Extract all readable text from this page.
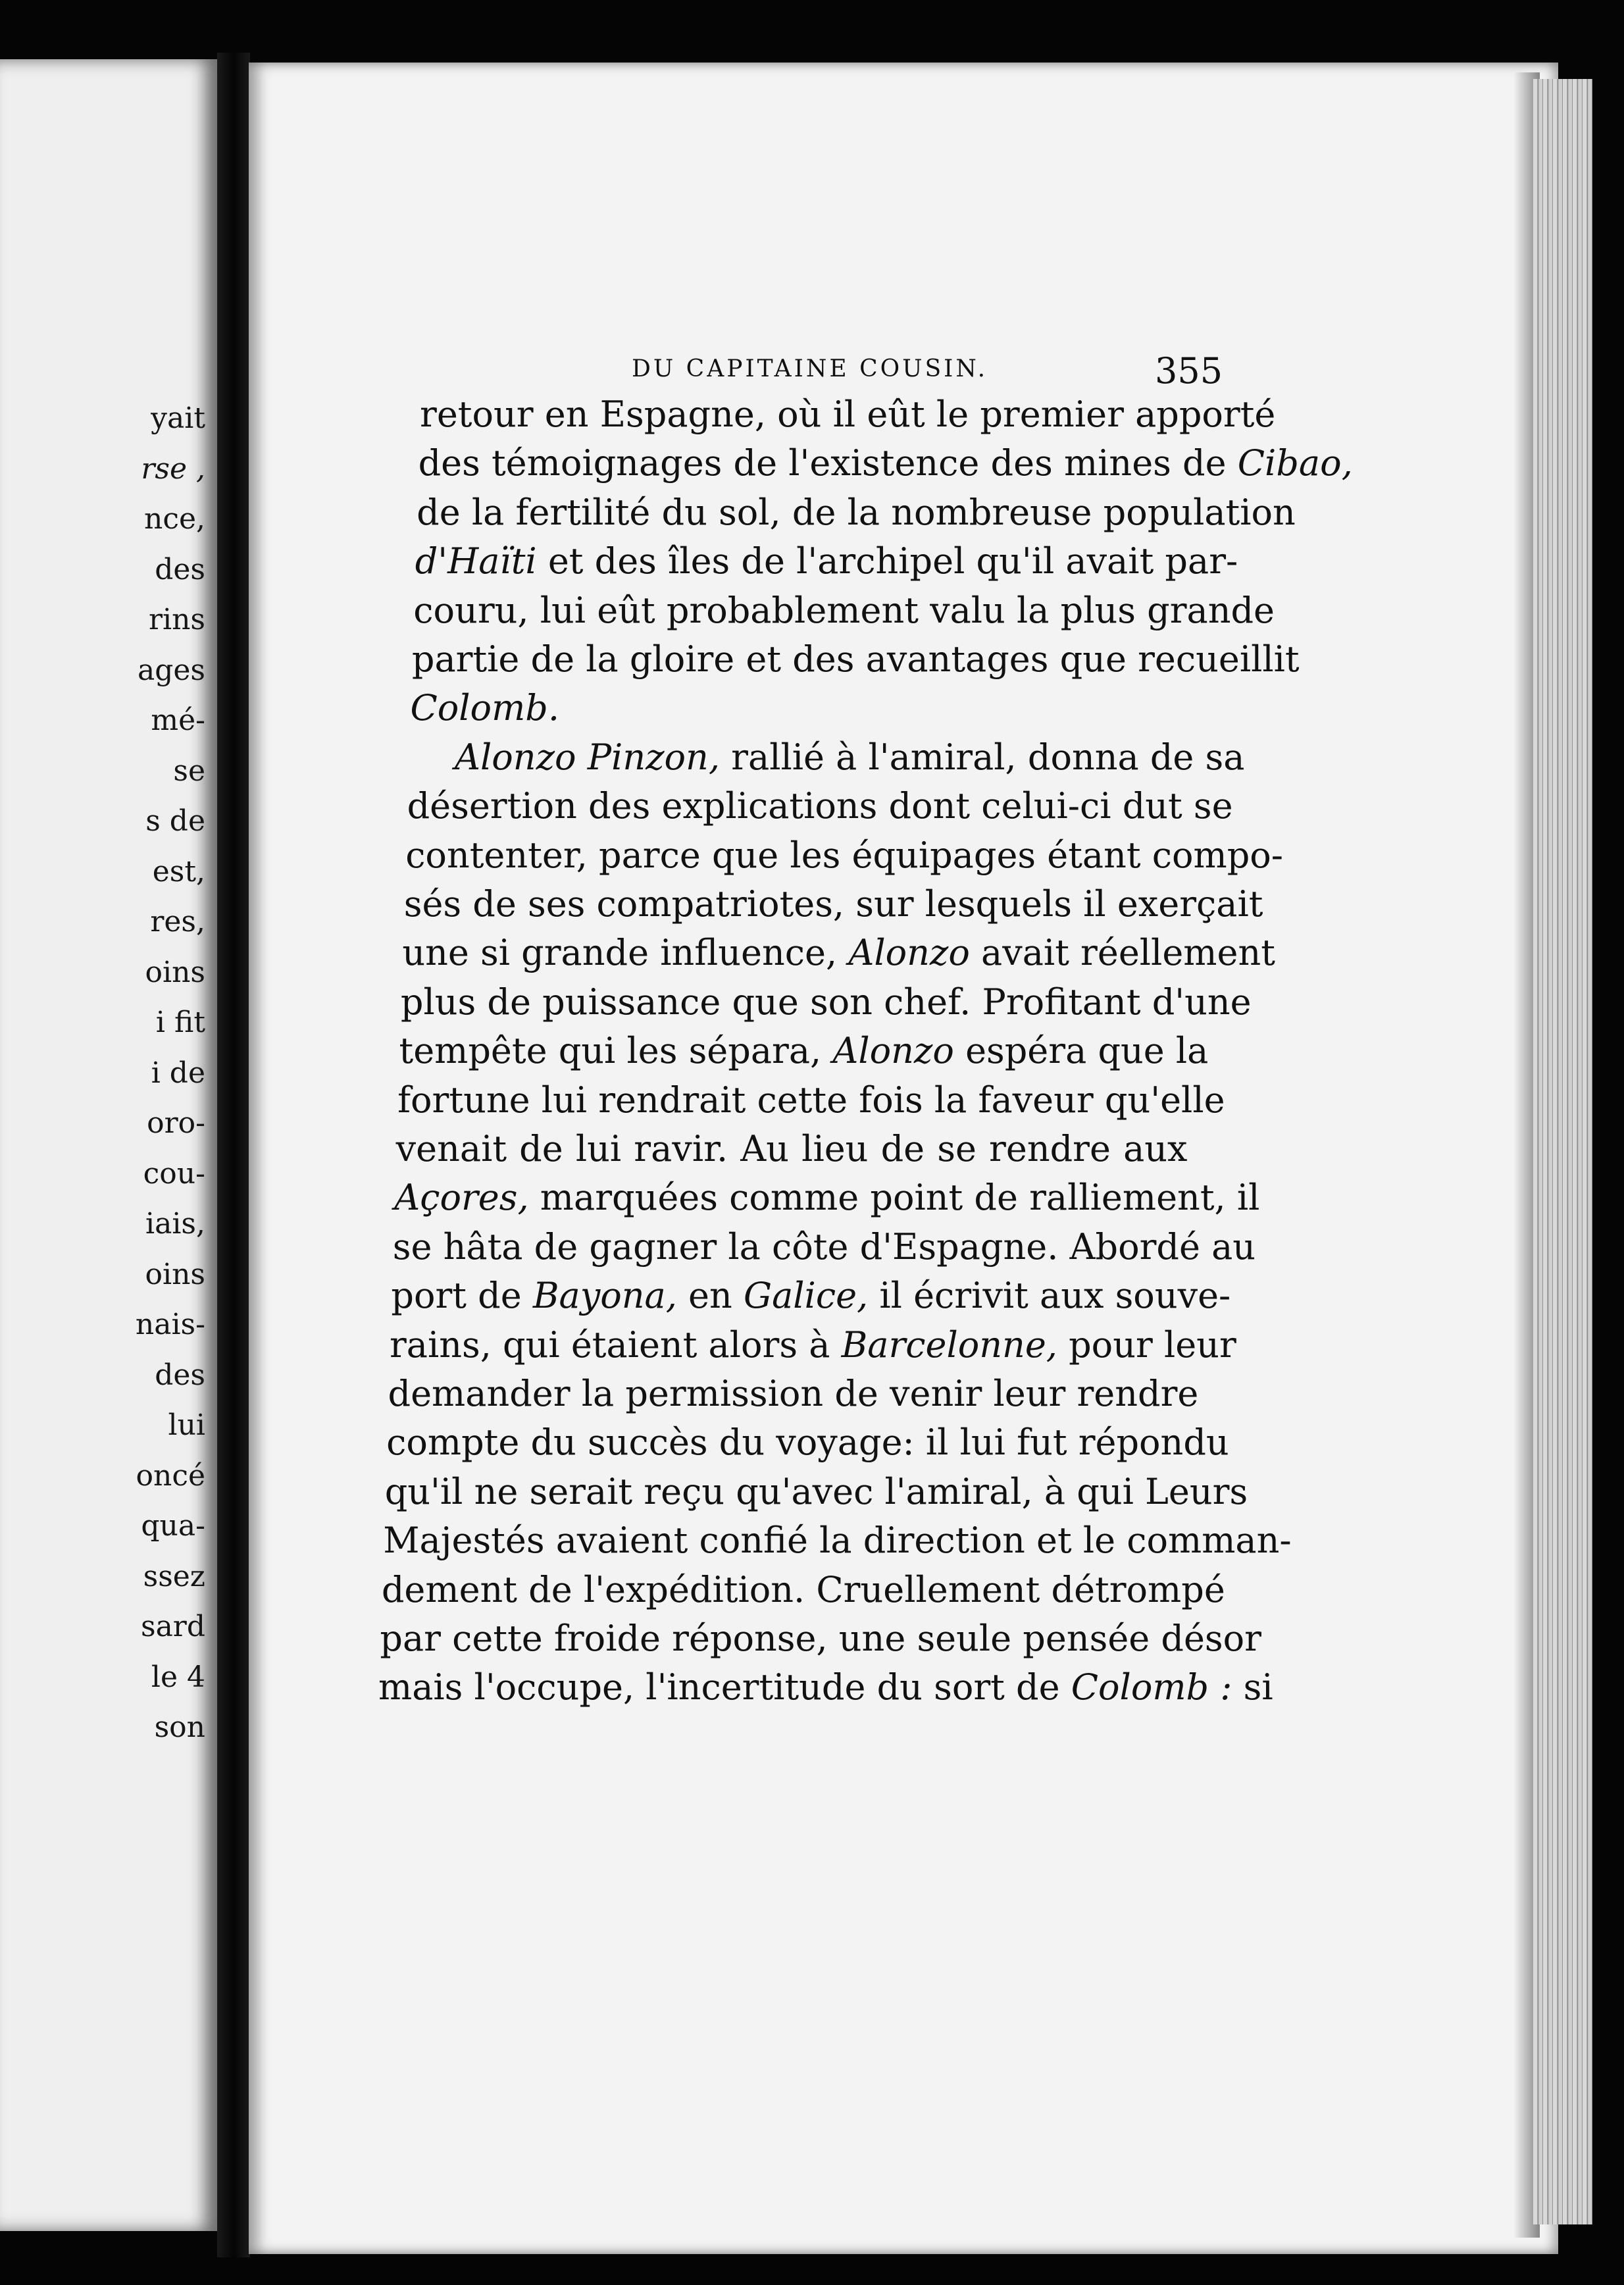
yait
rse ,
nce,
des
rins
ages
mé-
se
s de
est,
res,
oins
i fit
i de
oro-
cou-
iais,
oins
nais-
des
lui
oncé
qua-
ssez
sard
le 4
son
DU CAPITAINE COUSIN.	355
retour en Espagne, où il eût le premier apporté
des témoignages de l'existence des mines de Cibao,
de la fertilité du sol, de la nombreuse population
d'Haïti et des îles de l'archipel qu'il avait par-
couru, lui eût probablement valu la plus grande
partie de la gloire et des avantages que recueillit
Colomb.
Alonzo Pinzon, rallié à l'amiral, donna de sa
désertion des explications dont celui-ci dut se
contenter, parce que les équipages étant compo-
sés de ses compatriotes, sur lesquels il exerçait
une si grande influence, Alonzo avait réellement
plus de puissance que son chef. Profitant d'une
tempête qui les sépara, Alonzo espéra que la
fortune lui rendrait cette fois la faveur qu'elle
venait de lui ravir. Au lieu de se rendre aux
Açores, marquées comme point de ralliement, il
se hâta de gagner la côte d'Espagne. Abordé au
port de Bayona, en Galice, il écrivit aux souve-
rains, qui étaient alors à Barcelonne, pour leur
demander la permission de venir leur rendre
compte du succès du voyage: il lui fut répondu
qu'il ne serait reçu qu'avec l'amiral, à qui Leurs
Majestés avaient confié la direction et le comman-
dement de l'expédition. Cruellement détrompé
par cette froide réponse, une seule pensée désor
mais l'occupe, l'incertitude du sort de Colomb : si
